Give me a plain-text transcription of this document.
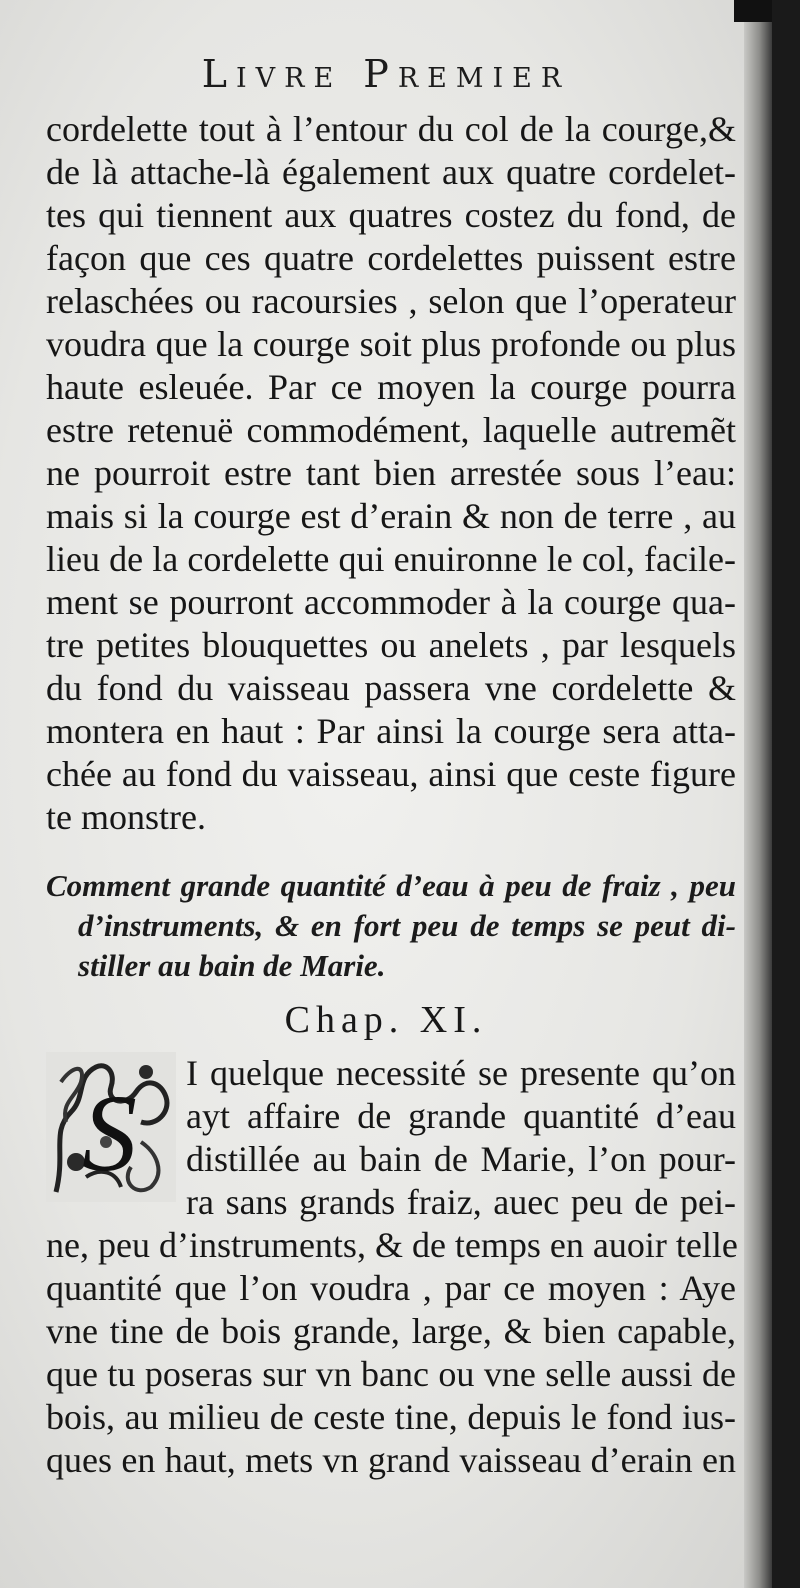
Livre Premier
cordelette tout à l’entour du col de la courge,&
de là attache-là également aux quatre cordelet-
tes qui tiennent aux quatres costez du fond, de
façon que ces quatre cordelettes puissent estre
relaschées ou racoursies , selon que l’operateur
voudra que la courge soit plus profonde ou plus
haute esleuée. Par ce moyen la courge pourra
estre retenuë commodément, laquelle autremẽt
ne pourroit estre tant bien arrestée sous l’eau:
mais si la courge est d’erain & non de terre , au
lieu de la cordelette qui enuironne le col, facile-
ment se pourront accommoder à la courge qua-
tre petites blouquettes ou anelets , par lesquels
du fond du vaisseau passera vne cordelette &
montera en haut : Par ainsi la courge sera atta-
chée au fond du vaisseau, ainsi que ceste figure
te monstre.
Comment grande quantité d’eau à peu de fraiz , peu
d’instruments, & en fort peu de temps se peut di-
stiller au bain de Marie.
Chap. XI.
S	I quelque necessité se presente qu’on
ayt affaire de grande quantité d’eau
distillée au bain de Marie, l’on pour-
ra sans grands fraiz, auec peu de pei-
ne, peu d’instruments, & de temps en auoir telle
quantité que l’on voudra , par ce moyen : Aye
vne tine de bois grande, large, & bien capable,
que tu poseras sur vn banc ou vne selle aussi de
bois, au milieu de ceste tine, depuis le fond ius-
ques en haut, mets vn grand vaisseau d’erain en
